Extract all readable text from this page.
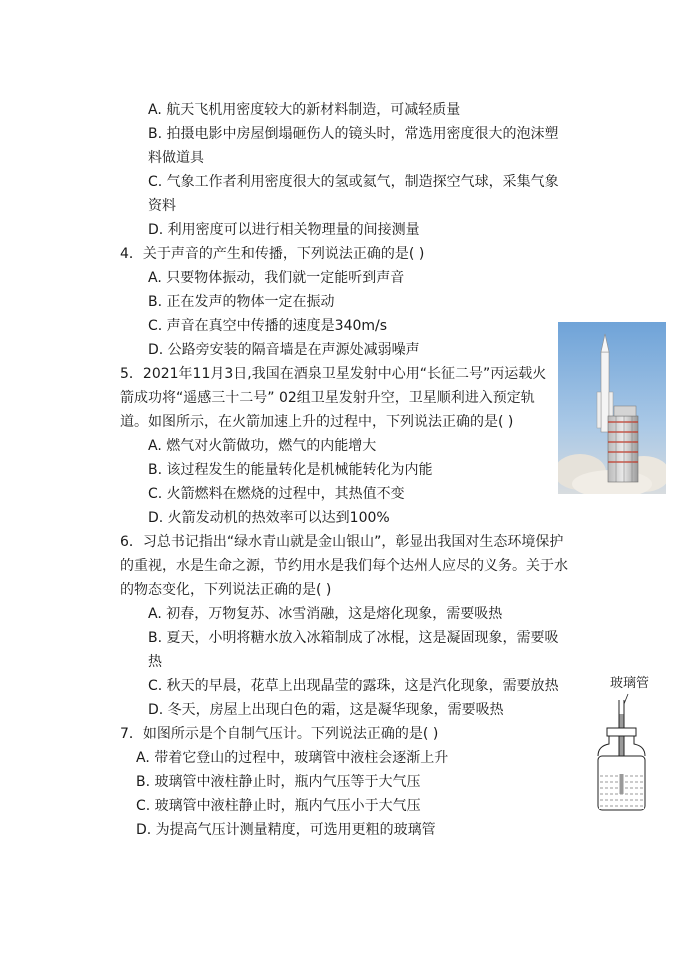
A. 航天飞机用密度较大的新材料制造，可减轻质量
B. 拍摄电影中房屋倒塌砸伤人的镜头时，常选用密度很大的泡沫塑
料做道具
C. 气象工作者利用密度很大的氢或氦气，制造探空气球，采集气象
资料
D. 利用密度可以进行相关物理量的间接测量
4．关于声音的产生和传播，下列说法正确的是( )
A. 只要物体振动，我们就一定能听到声音
B. 正在发声的物体一定在振动
C. 声音在真空中传播的速度是340m/s
D. 公路旁安装的隔音墙是在声源处减弱噪声
5．2021年11月3日,我国在酒泉卫星发射中心用“长征二号”丙运载火
箭成功将“遥感三十二号” 02组卫星发射升空，卫星顺利进入预定轨
道。如图所示，在火箭加速上升的过程中，下列说法正确的是( )
A. 燃气对火箭做功，燃气的内能增大
B. 该过程发生的能量转化是机械能转化为内能
C. 火箭燃料在燃烧的过程中，其热值不变
D. 火箭发动机的热效率可以达到100%
6．习总书记指出“绿水青山就是金山银山”，彰显出我国对生态环境保护
的重视，水是生命之源，节约用水是我们每个达州人应尽的义务。关于水
的物态变化，下列说法正确的是( )
A. 初春，万物复苏、冰雪消融，这是熔化现象，需要吸热
B. 夏天，小明将糖水放入冰箱制成了冰棍，这是凝固现象，需要吸
热
C. 秋天的早晨，花草上出现晶莹的露珠，这是汽化现象，需要放热
D. 冬天，房屋上出现白色的霜，这是凝华现象，需要吸热
7．如图所示是个自制气压计。下列说法正确的是( )
A. 带着它登山的过程中，玻璃管中液柱会逐渐上升
B. 玻璃管中液柱静止时，瓶内气压等于大气压
C. 玻璃管中液柱静止时，瓶内气压小于大气压
D. 为提高气压计测量精度，可选用更粗的玻璃管
玻璃管
